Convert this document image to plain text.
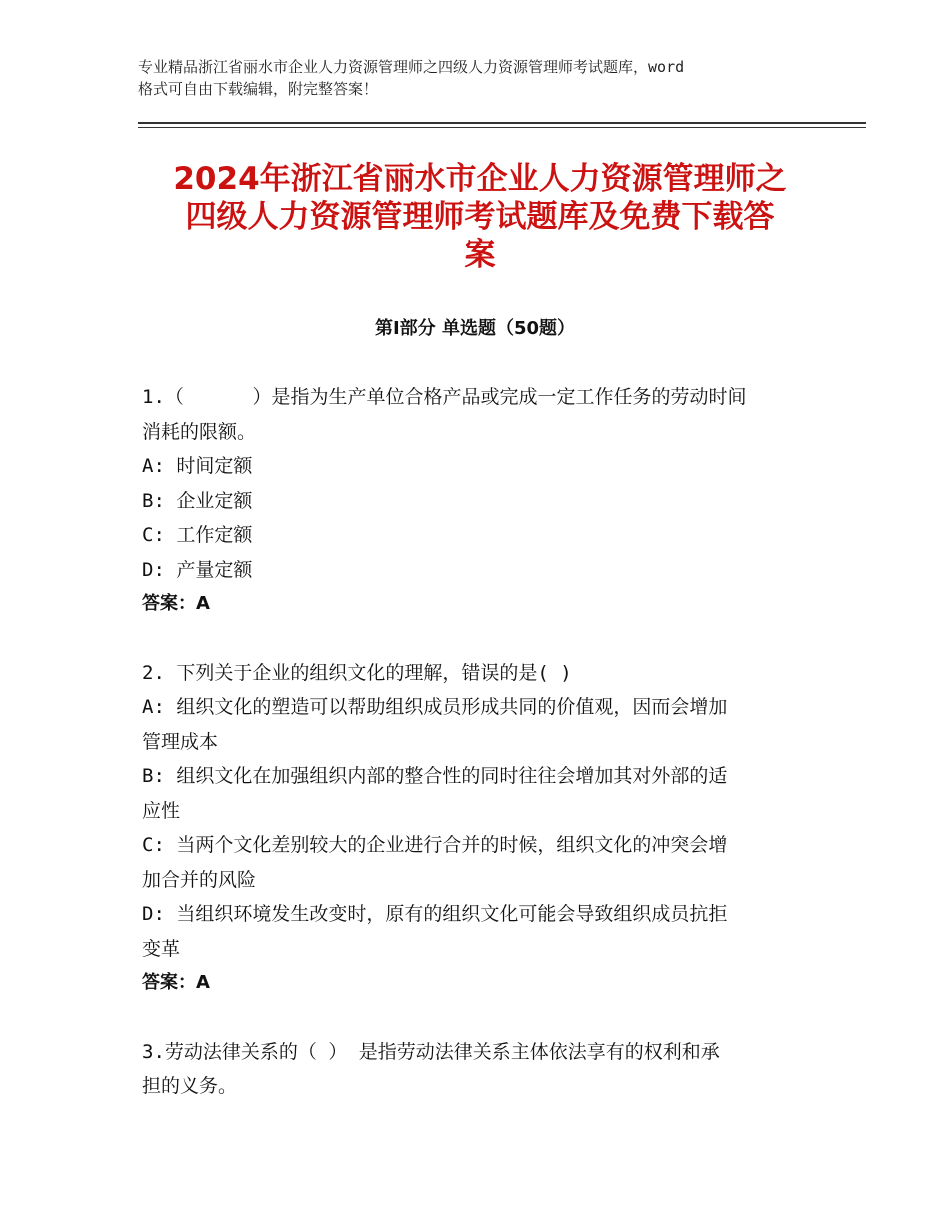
专业精品浙江省丽水市企业人力资源管理师之四级人力资源管理师考试题库，word
格式可自由下载编辑，附完整答案！
2024年浙江省丽水市企业人力资源管理师之
四级人力资源管理师考试题库及免费下载答
案
第Ⅰ部分 单选题（50题）
1.（      ）是指为生产单位合格产品或完成一定工作任务的劳动时间
消耗的限额。
A: 时间定额
B: 企业定额
C: 工作定额
D: 产量定额
答案：A
2. 下列关于企业的组织文化的理解，错误的是( )
A: 组织文化的塑造可以帮助组织成员形成共同的价值观，因而会增加
管理成本
B: 组织文化在加强组织内部的整合性的同时往往会增加其对外部的适
应性
C: 当两个文化差别较大的企业进行合并的时候，组织文化的冲突会增
加合并的风险
D: 当组织环境发生改变时，原有的组织文化可能会导致组织成员抗拒
变革
答案：A
3.劳动法律关系的（ ） 是指劳动法律关系主体依法享有的权利和承
担的义务。
